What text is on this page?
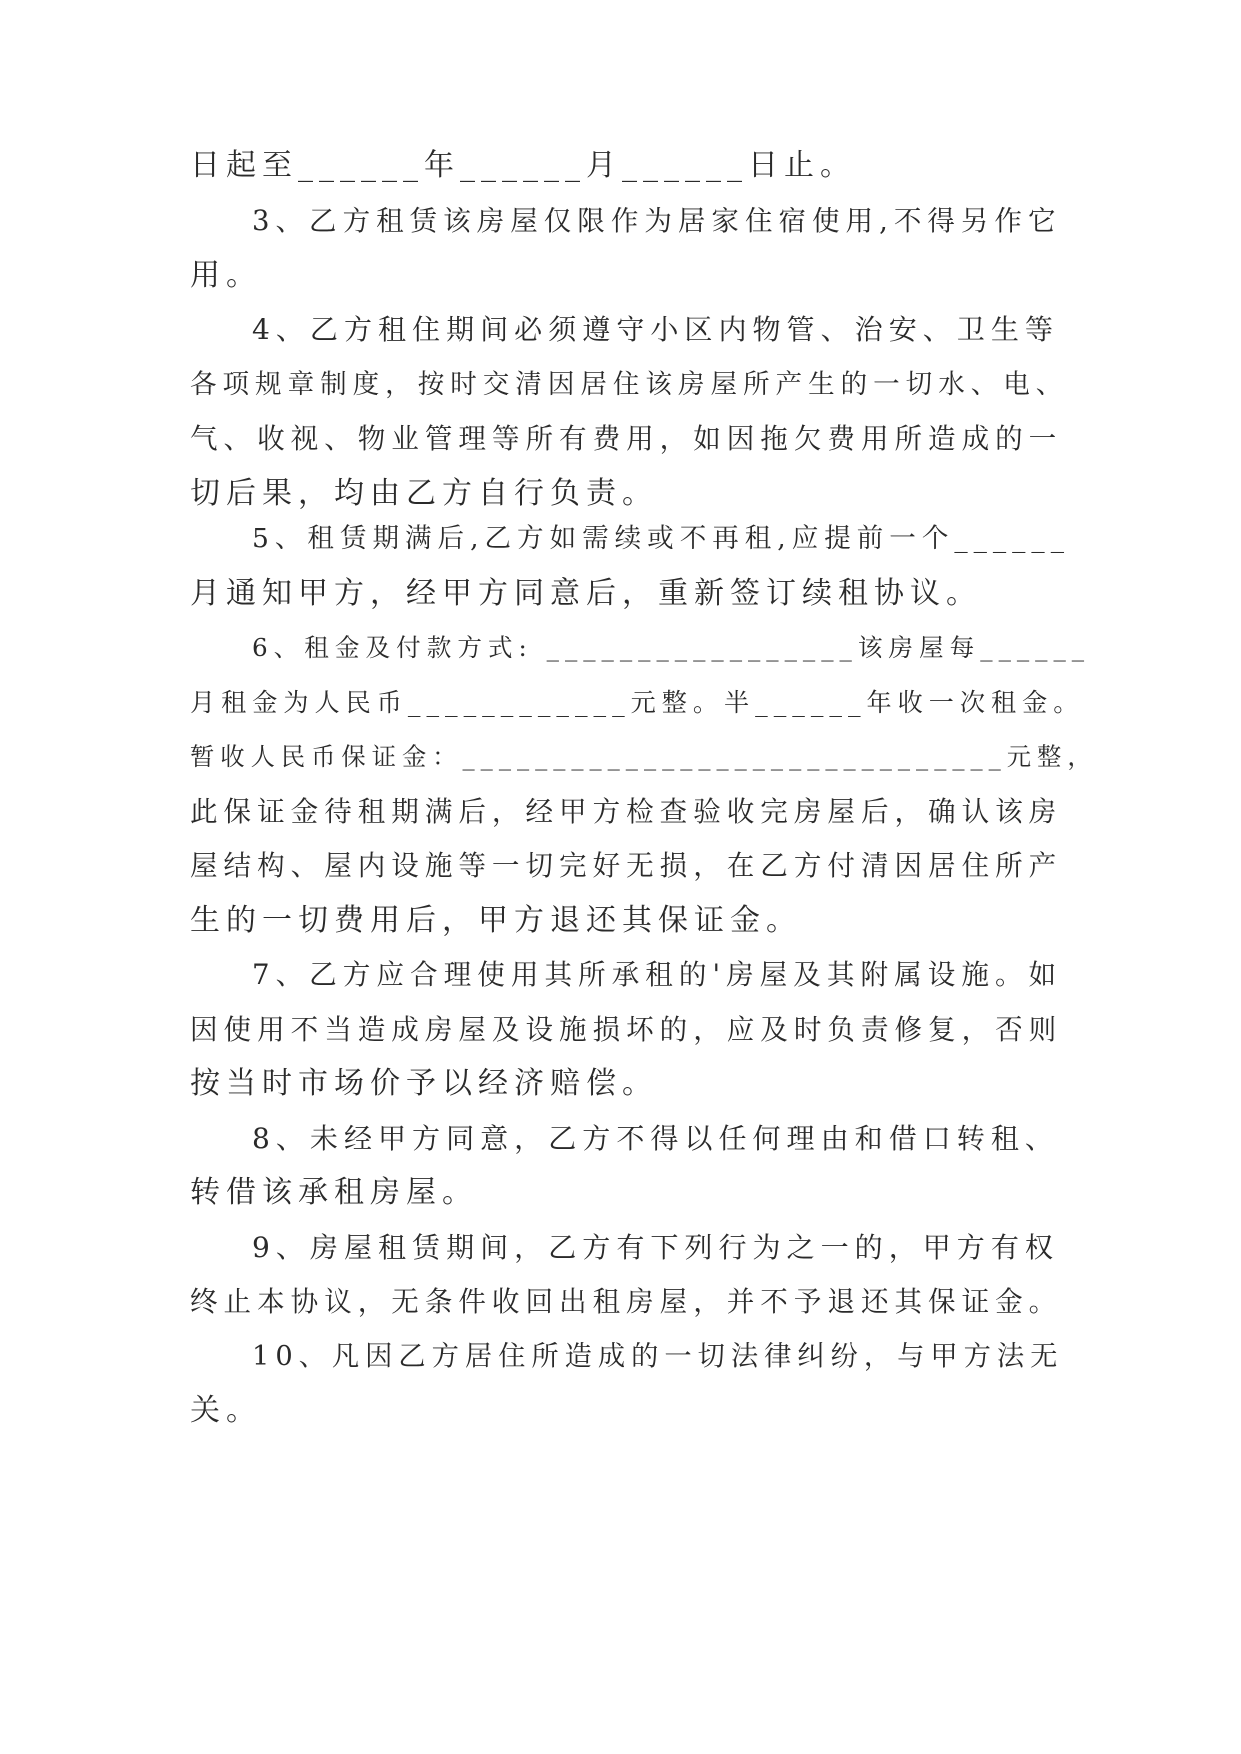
日起至______年______月______日止。
3、乙方租赁该房屋仅限作为居家住宿使用,不得另作它
用。
4、乙方租住期间必须遵守小区内物管、治安、卫生等
各项规章制度，按时交清因居住该房屋所产生的一切水、电、
气、收视、物业管理等所有费用，如因拖欠费用所造成的一
切后果，均由乙方自行负责。
5、租赁期满后,乙方如需续或不再租,应提前一个______
月通知甲方，经甲方同意后，重新签订续租协议。
6、租金及付款方式: _________________该房屋每______
月租金为人民币____________元整。半______年收一次租金。
暂收人民币保证金：______________________________元整，
此保证金待租期满后，经甲方检查验收完房屋后，确认该房
屋结构、屋内设施等一切完好无损，在乙方付清因居住所产
生的一切费用后，甲方退还其保证金。
7、乙方应合理使用其所承租的'房屋及其附属设施。如
因使用不当造成房屋及设施损坏的，应及时负责修复，否则
按当时市场价予以经济赔偿。
8、未经甲方同意，乙方不得以任何理由和借口转租、
转借该承租房屋。
9、房屋租赁期间，乙方有下列行为之一的，甲方有权
终止本协议，无条件收回出租房屋，并不予退还其保证金。
10、凡因乙方居住所造成的一切法律纠纷，与甲方法无
关。
